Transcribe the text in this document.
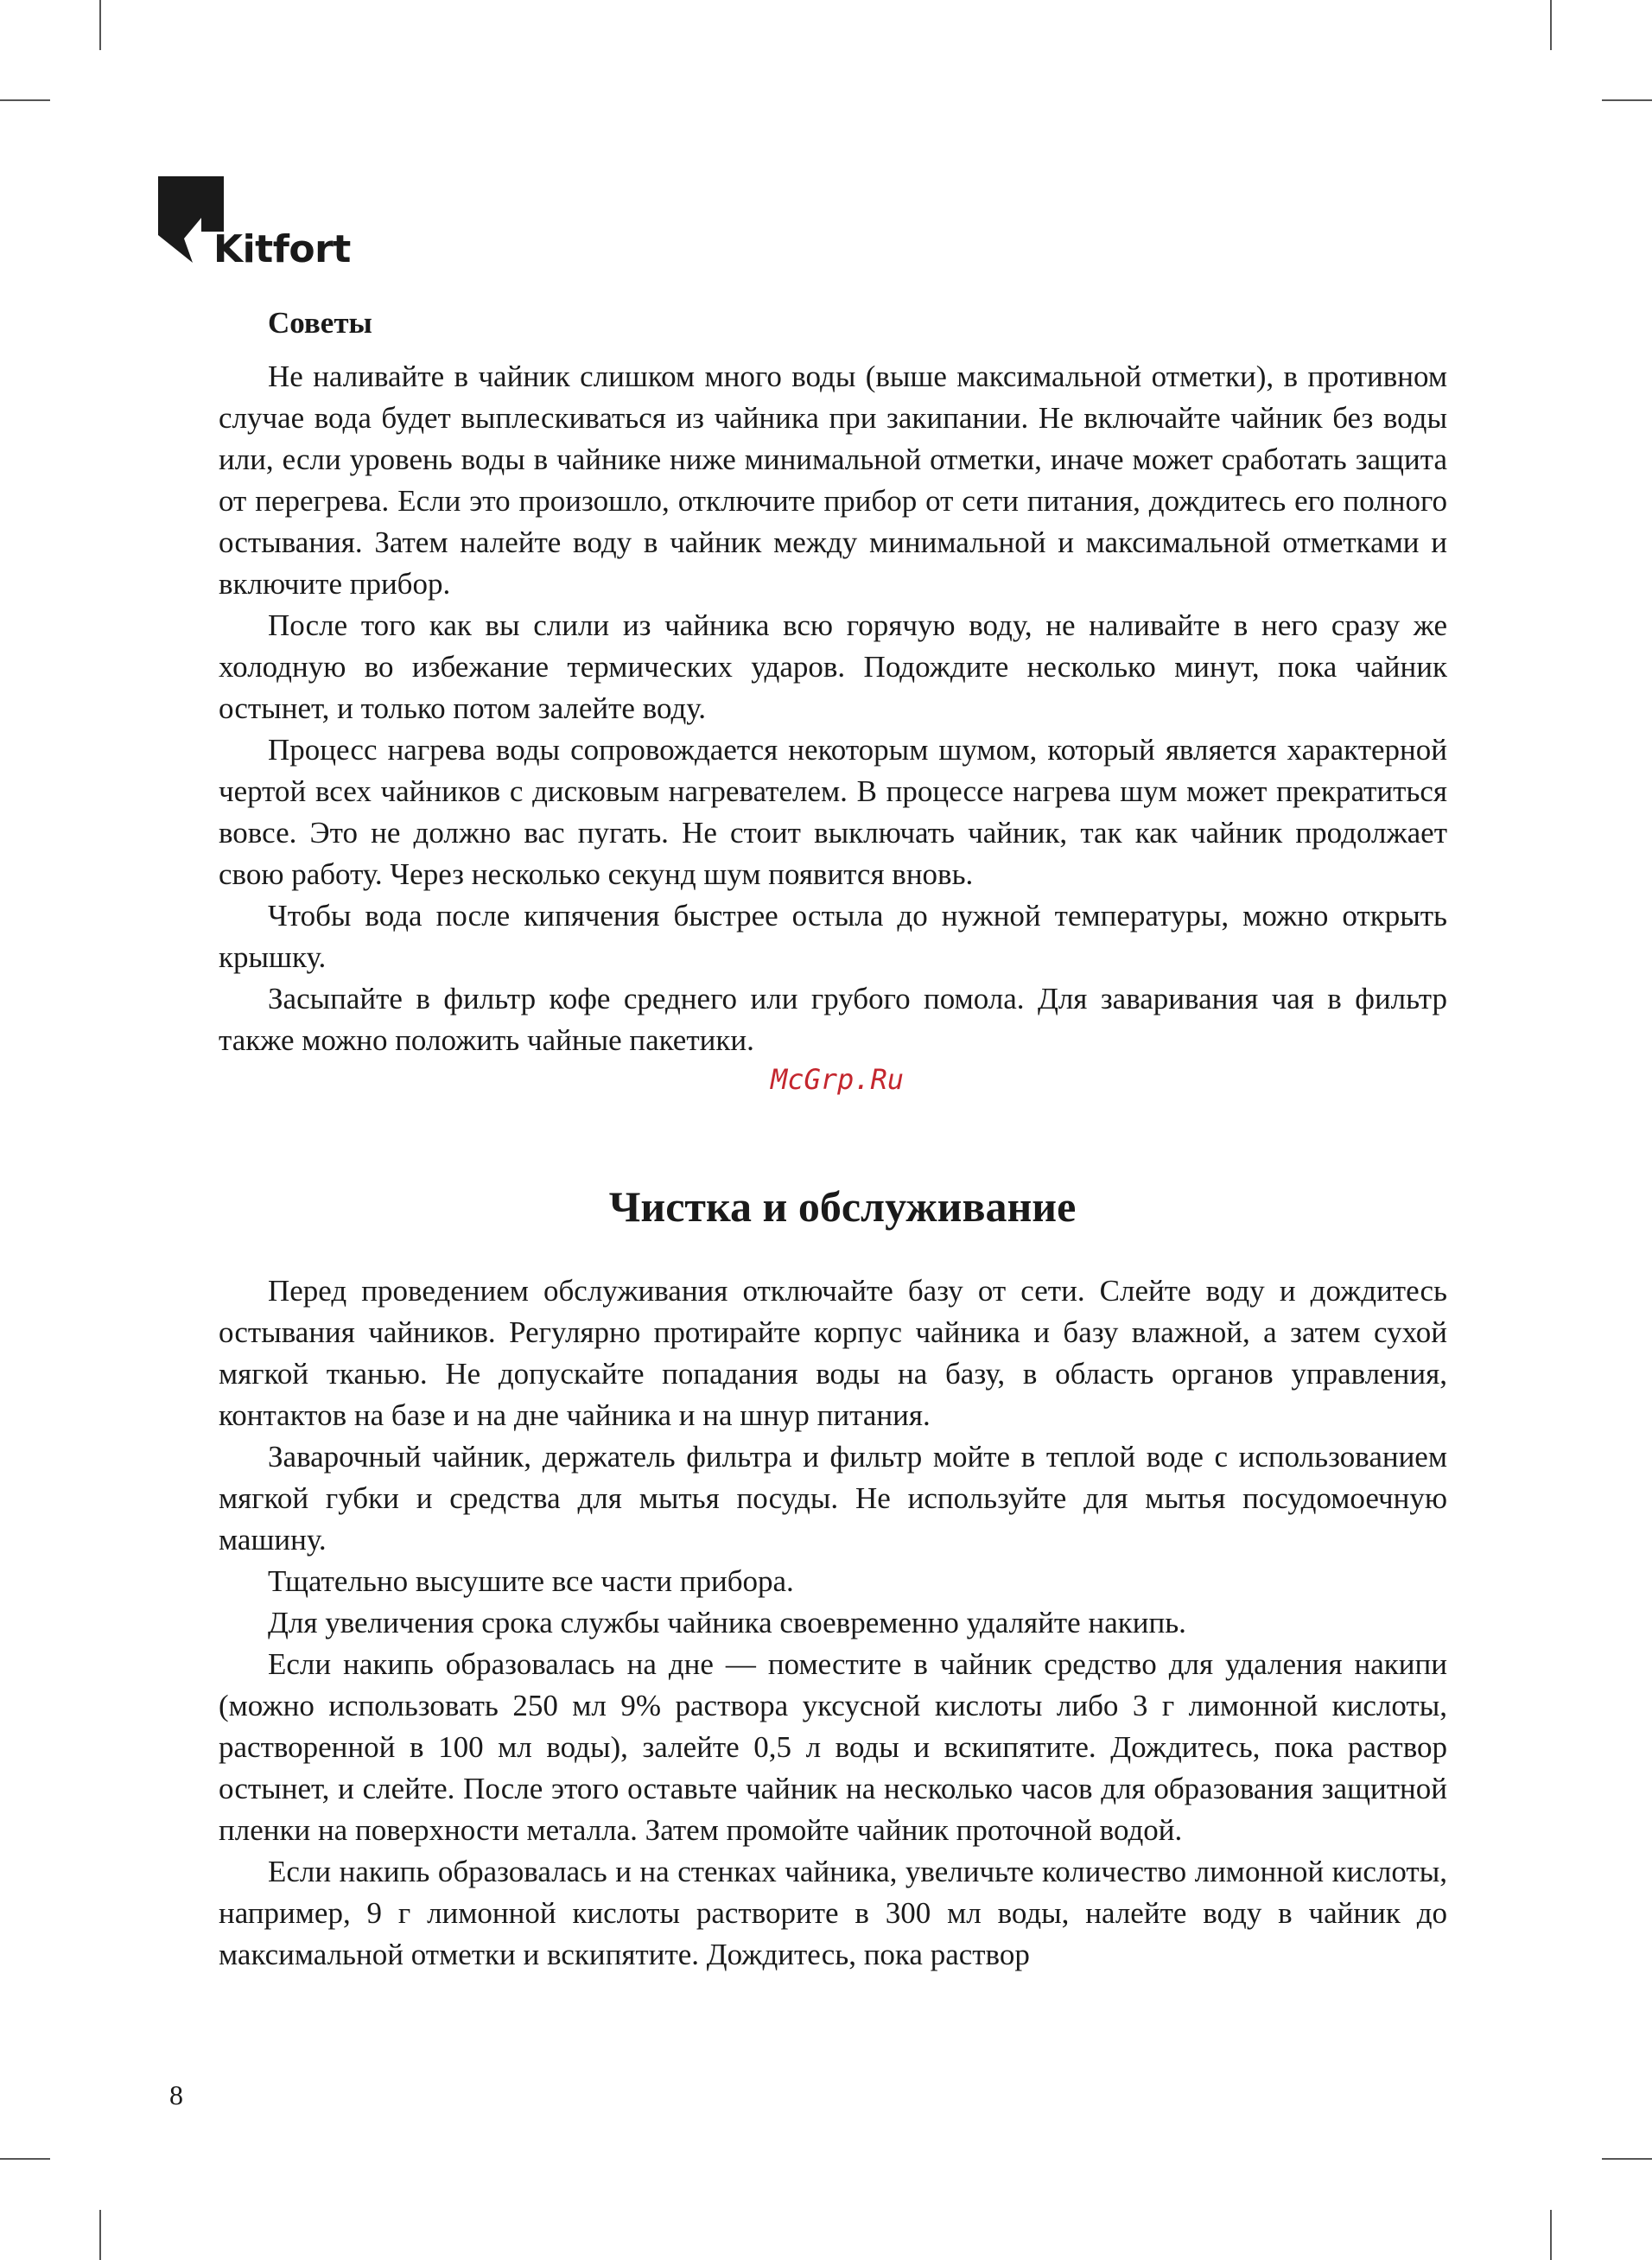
Kitfort
Советы

Не наливайте в чайник слишком много воды (выше максимальной отметки), в противном случае вода будет выплескиваться из чайника при закипании. Не включайте чайник без воды или, если уровень воды в чайнике ниже минимальной отметки, иначе может сработать защита от перегрева. Если это произошло, отключите прибор от сети питания, дождитесь его полного остывания. Затем налейте воду в чайник между минимальной и максимальной отметками и включите прибор.

После того как вы слили из чайника всю горячую воду, не наливайте в него сразу же холодную во избежание термических ударов. Подождите несколько минут, пока чайник остынет, и только потом залейте воду.

Процесс нагрева воды сопровождается некоторым шумом, который является характерной чертой всех чайников с дисковым нагревателем. В процессе нагрева шум может прекратиться вовсе. Это не должно вас пугать. Не стоит выключать чайник, так как чайник продолжает свою работу. Через несколько секунд шум появится вновь.

Чтобы вода после кипячения быстрее остыла до нужной температуры, можно открыть крышку.

Засыпайте в фильтр кофе среднего или грубого помола. Для заваривания чая в фильтр также можно положить чайные пакетики.

McGrp.Ru
Чистка и обслуживание

Перед проведением обслуживания отключайте базу от сети. Слейте воду и дождитесь остывания чайников. Регулярно протирайте корпус чайника и базу влажной, а затем сухой мягкой тканью. Не допускайте попадания воды на базу, в область органов управления, контактов на базе и на дне чайника и на шнур питания.

Заварочный чайник, держатель фильтра и фильтр мойте в теплой воде с использованием мягкой губки и средства для мытья посуды. Не используйте для мытья посудомоечную машину.

Тщательно высушите все части прибора.

Для увеличения срока службы чайника своевременно удаляйте накипь.

Если накипь образовалась на дне — поместите в чайник средство для удаления накипи (можно использовать 250 мл 9% раствора уксусной кислоты либо 3 г лимонной кислоты, растворенной в 100 мл воды), залейте 0,5 л воды и вскипятите. Дождитесь, пока раствор остынет, и слейте. После этого оставьте чайник на несколько часов для образования защитной пленки на поверхности металла. Затем промойте чайник проточной водой.

Если накипь образовалась и на стенках чайника, увеличьте количество лимонной кислоты, например, 9 г лимонной кислоты растворите в 300 мл воды, налейте воду в чайник до максимальной отметки и вскипятите. Дождитесь, пока раствор

8
